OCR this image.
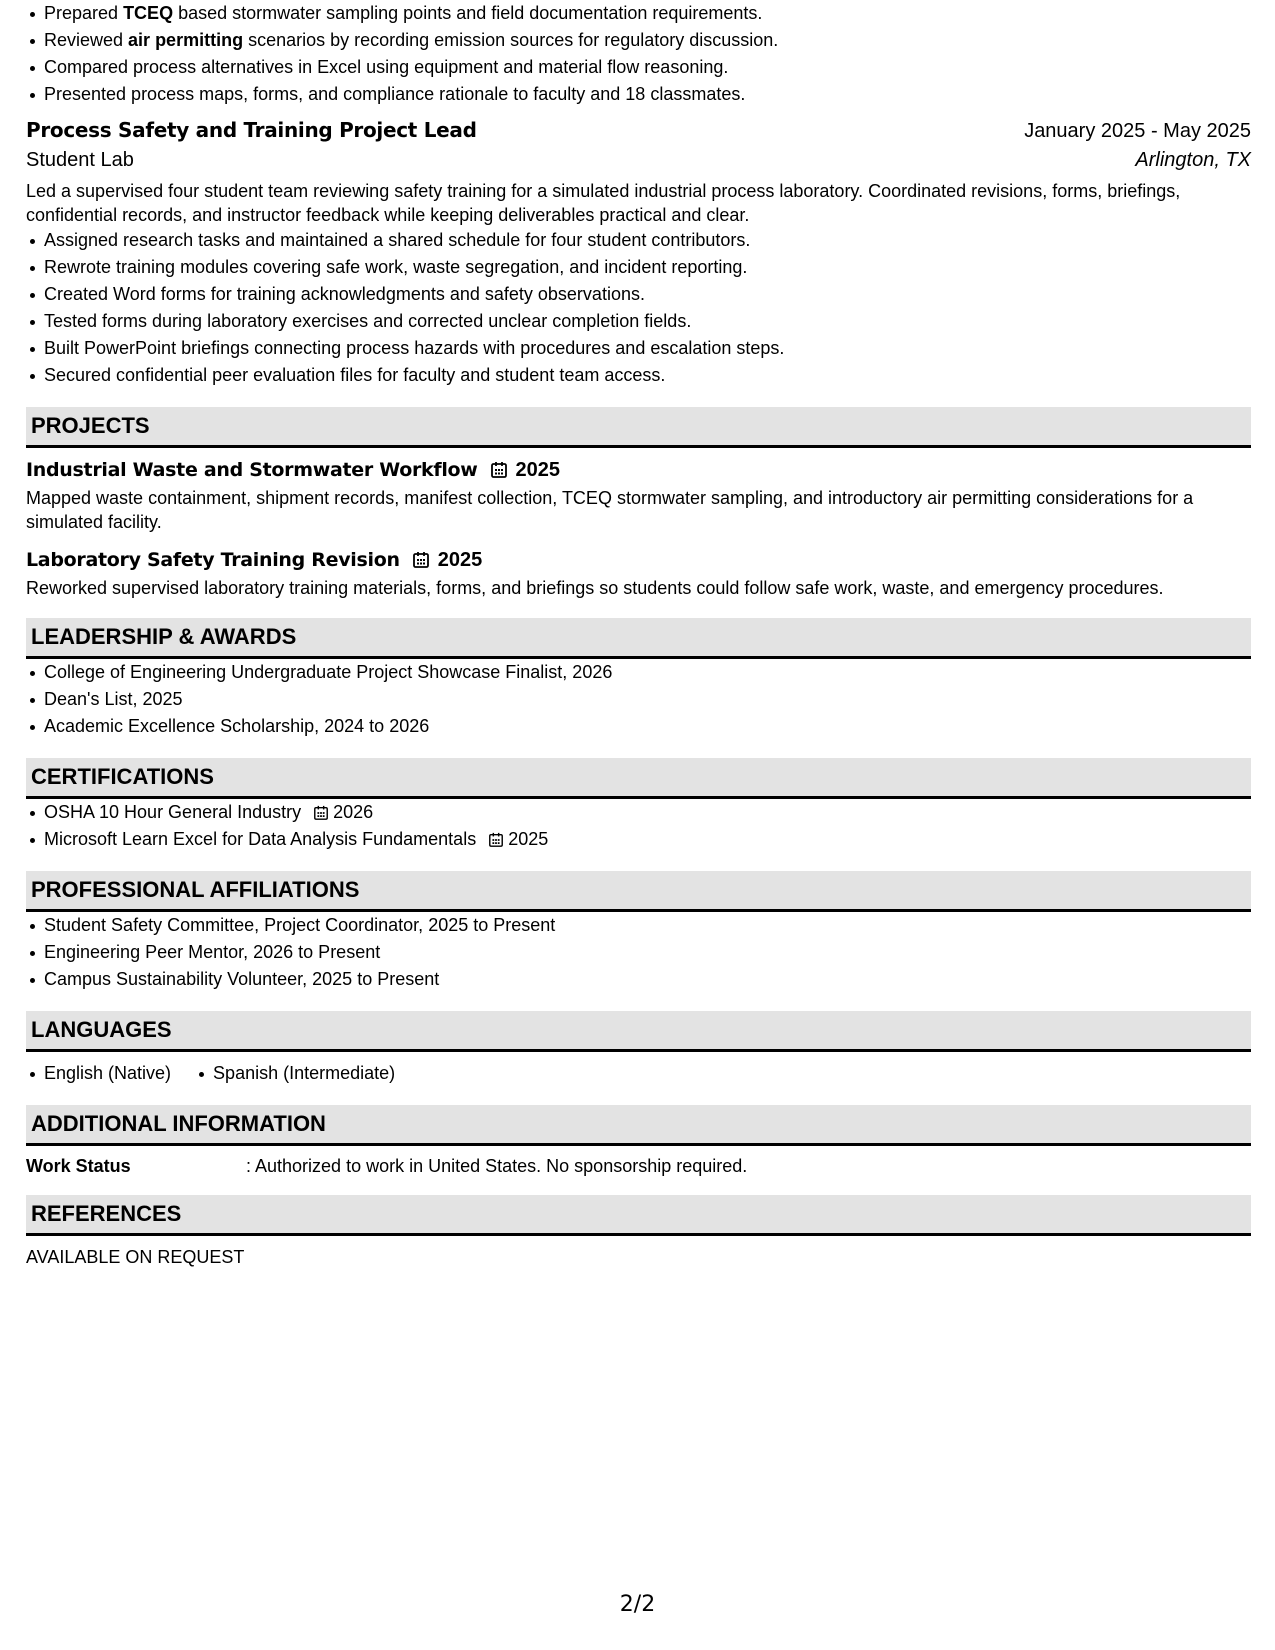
Prepared TCEQ based stormwater sampling points and field documentation requirements.
Reviewed air permitting scenarios by recording emission sources for regulatory discussion.
Compared process alternatives in Excel using equipment and material flow reasoning.
Presented process maps, forms, and compliance rationale to faculty and 18 classmates.
Process Safety and Training Project Lead	January 2025 - May 2025
Student Lab	Arlington, TX
Led a supervised four student team reviewing safety training for a simulated industrial process laboratory. Coordinated revisions, forms, briefings, confidential records, and instructor feedback while keeping deliverables practical and clear.
Assigned research tasks and maintained a shared schedule for four student contributors.
Rewrote training modules covering safe work, waste segregation, and incident reporting.
Created Word forms for training acknowledgments and safety observations.
Tested forms during laboratory exercises and corrected unclear completion fields.
Built PowerPoint briefings connecting process hazards with procedures and escalation steps.
Secured confidential peer evaluation files for faculty and student team access.
PROJECTS
Industrial Waste and Stormwater Workflow 2025
Mapped waste containment, shipment records, manifest collection, TCEQ stormwater sampling, and introductory air permitting considerations for a simulated facility.
Laboratory Safety Training Revision 2025
Reworked supervised laboratory training materials, forms, and briefings so students could follow safe work, waste, and emergency procedures.
LEADERSHIP & AWARDS
College of Engineering Undergraduate Project Showcase Finalist, 2026
Dean's List, 2025
Academic Excellence Scholarship, 2024 to 2026
CERTIFICATIONS
OSHA 10 Hour General Industry 2026
Microsoft Learn Excel for Data Analysis Fundamentals 2025
PROFESSIONAL AFFILIATIONS
Student Safety Committee, Project Coordinator, 2025 to Present
Engineering Peer Mentor, 2026 to Present
Campus Sustainability Volunteer, 2025 to Present
LANGUAGES
English (Native) Spanish (Intermediate)
ADDITIONAL INFORMATION
Work Status	: Authorized to work in United States. No sponsorship required.
REFERENCES
AVAILABLE ON REQUEST
2/2
